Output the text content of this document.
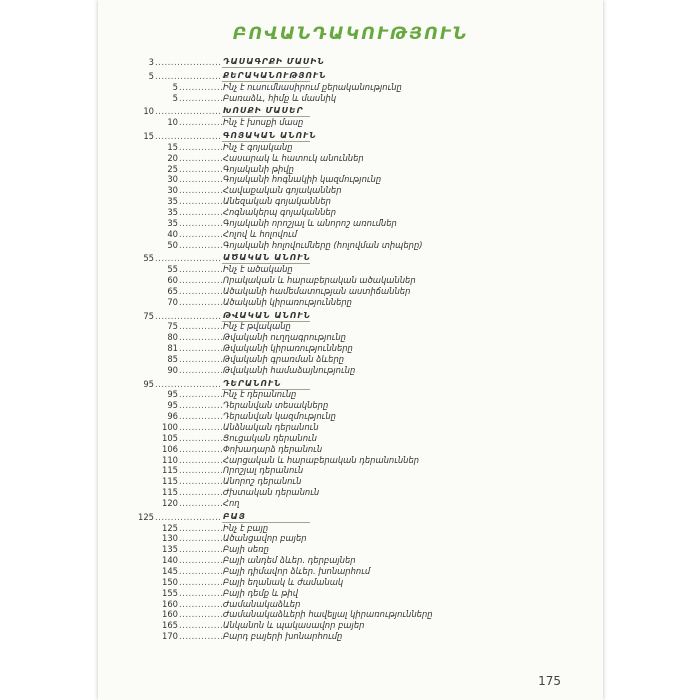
ԲՈՎԱՆԴԱԿՈՒԹՅՈՒՆ
3 .....	ԴԱՍԱԳՐՔԻ ՄԱՍԻՆ
5 .....	ՔԵՐԱԿԱՆՈՒԹՅՈՒՆ
5 .....	Ինչ է ուսումնասիրում քերականությունը
5 .....	Բառաձև, հիմք և մասնիկ
10 .....	ԽՈՍՔԻ ՄԱՍԵՐ
10 .....	Ինչ է խոսքի մասը
15 .....	ԳՈՅԱԿԱՆ ԱՆՈՒՆ
15 .....	Ինչ է գոյականը
20 .....	Հասարակ և հատուկ անուններ
25 .....	Գոյականի թիվը
30 .....	Գոյականի հոգնակիի կազմությունը
30 .....	Հավաքական գոյականներ
35 .....	Անեզական գոյականներ
35 .....	Հոգնակերպ գոյականներ
35 .....	Գոյականի որոշյալ և անորոշ առումներ
40 .....	Հոլով և հոլովում
50 .....	Գոյականի հոլովումները (հոլովման տիպերը)
55 .....	ԱԾԱԿԱՆ ԱՆՈՒՆ
55 .....	Ինչ է ածականը
60 .....	Որակական և հարաբերական ածականներ
65 .....	Ածականի համեմատության աստիճաններ
70 .....	Ածականի կիրառությունները
75 .....	ԹՎԱԿԱՆ ԱՆՈՒՆ
75 .....	Ինչ է թվականը
80 .....	Թվականի ուղղագրությունը
81 .....	Թվականի կիրառությունները
85 .....	Թվականի գրառման ձևերը
90 .....	Թվականի համաձայնությունը
95 .....	ԴԵՐԱՆՈՒՆ
95 .....	Ինչ է դերանունը
95 .....	Դերանվան տեսակները
96 .....	Դերանվան կազմությունը
100 .....	Անձնական դերանուն
105 .....	Ցուցական դերանուն
106 .....	Փոխադարձ դերանուն
110 .....	Հարցական և հարաբերական դերանուններ
115 .....	Որոշյալ դերանուն
115 .....	Անորոշ դերանուն
115 .....	Ժխտական դերանուն
120 .....	Հող
125 .....	ԲԱՅ
125 .....	Ինչ է բայը
130 .....	Ածանցավոր բայեր
135 .....	Բայի սեռը
140 .....	Բայի անդեմ ձևեր. դերբայներ
145 .....	Բայի դիմավոր ձևեր. խոնարհում
150 .....	Բայի եղանակ և ժամանակ
155 .....	Բայի դեմք և թիվ
160 .....	Ժամանակաձևեր
160 .....	Ժամանակաձևերի հավելյալ կիրառությունները
165 .....	Անկանոն և պակասավոր բայեր
170 .....	Բարդ բայերի խոնարհումը
175
